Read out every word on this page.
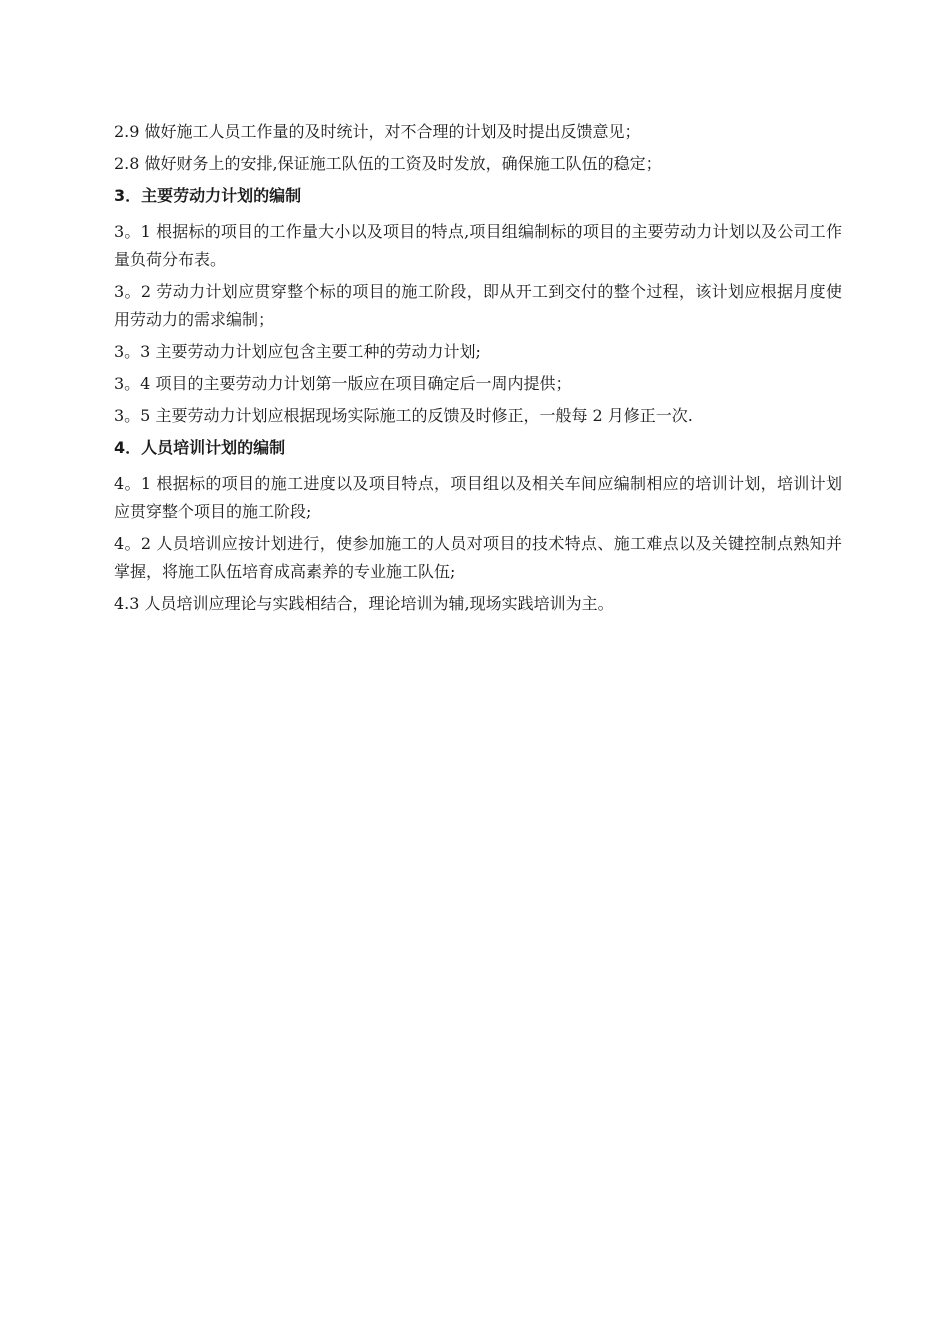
2.9 做好施工人员工作量的及时统计，对不合理的计划及时提出反馈意见；

2.8 做好财务上的安排,保证施工队伍的工资及时发放，确保施工队伍的稳定；

3．主要劳动力计划的编制

3。1 根据标的项目的工作量大小以及项目的特点,项目组编制标的项目的主要劳动力计划以及公司工作量负荷分布表。

3。2 劳动力计划应贯穿整个标的项目的施工阶段，即从开工到交付的整个过程，该计划应根据月度使用劳动力的需求编制；

3。3 主要劳动力计划应包含主要工种的劳动力计划;

3。4 项目的主要劳动力计划第一版应在项目确定后一周内提供；

3。5 主要劳动力计划应根据现场实际施工的反馈及时修正，一般每 2 月修正一次.

4．人员培训计划的编制

4。1 根据标的项目的施工进度以及项目特点，项目组以及相关车间应编制相应的培训计划，培训计划应贯穿整个项目的施工阶段;

4。2 人员培训应按计划进行，使参加施工的人员对项目的技术特点、施工难点以及关键控制点熟知并掌握，将施工队伍培育成高素养的专业施工队伍;

4.3 人员培训应理论与实践相结合，理论培训为辅,现场实践培训为主。
